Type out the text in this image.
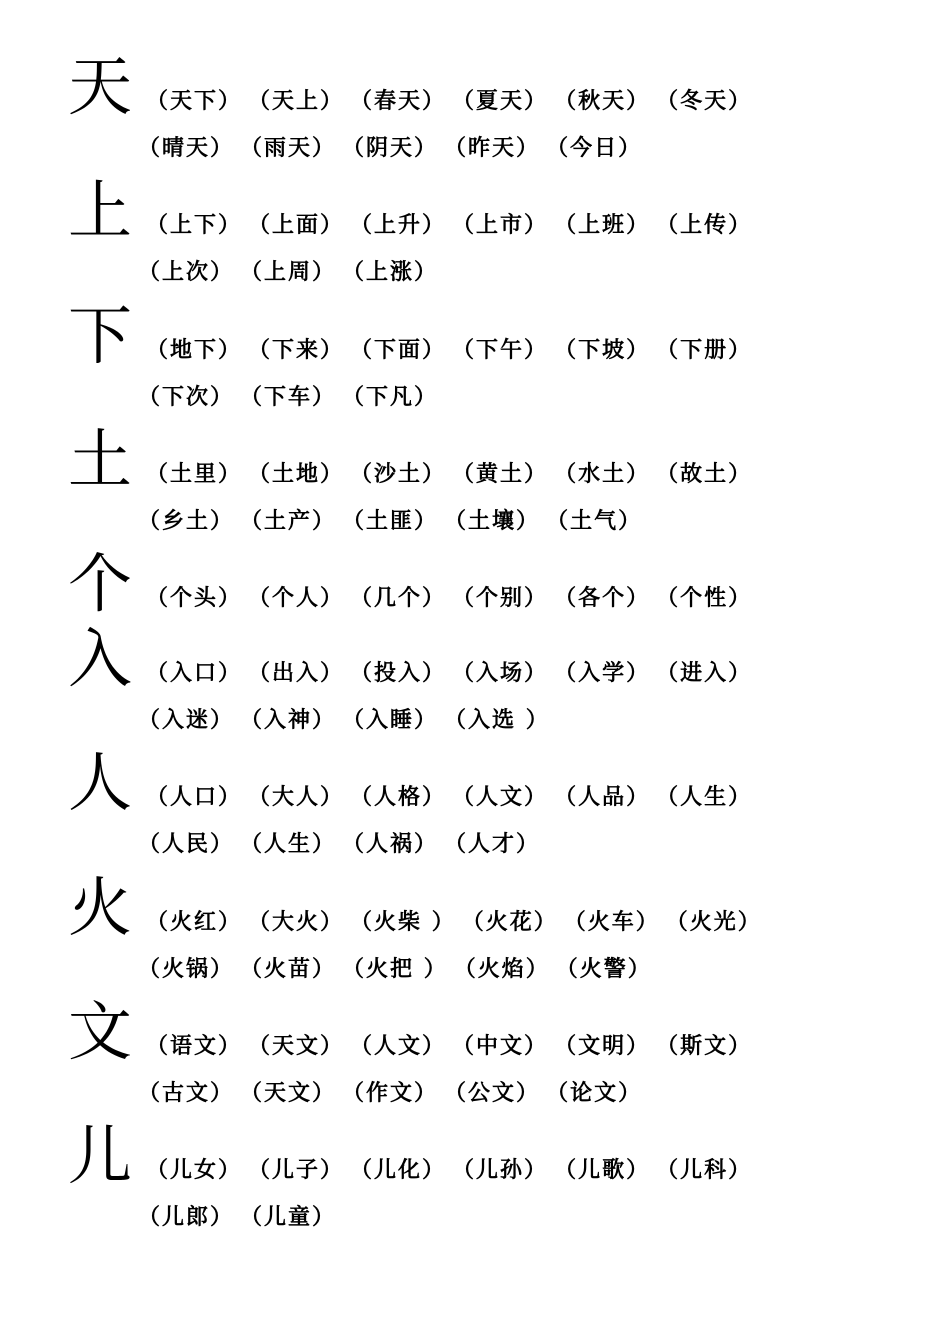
天 （天下） （天上） （春天） （夏天） （秋天） （冬天）
（晴天） （雨天） （阴天） （昨天） （今日）
上 （上下） （上面） （上升） （上市） （上班） （上传）
（上次） （上周） （上涨）
下 （地下） （下来） （下面） （下午） （下坡） （下册）
（下次） （下车） （下凡）
土 （土里） （土地） （沙土） （黄土） （水土） （故土）
（乡土） （土产） （土匪） （土壤） （土气）
个 （个头） （个人） （几个） （个别） （各个） （个性）
入 （入口） （出入） （投入） （入场） （入学） （进入）
（入迷） （入神） （入睡） （入选 ）
人 （人口） （大人） （人格） （人文） （人品） （人生）
（人民） （人生） （人祸） （人才）
火 （火红） （大火） （火柴 ） （火花） （火车） （火光）
（火锅） （火苗） （火把 ） （火焰） （火警）
文 （语文） （天文） （人文） （中文） （文明） （斯文）
（古文） （天文） （作文） （公文） （论文）
儿 （儿女） （儿子） （儿化） （儿孙） （儿歌） （儿科）
（儿郎） （儿童）
